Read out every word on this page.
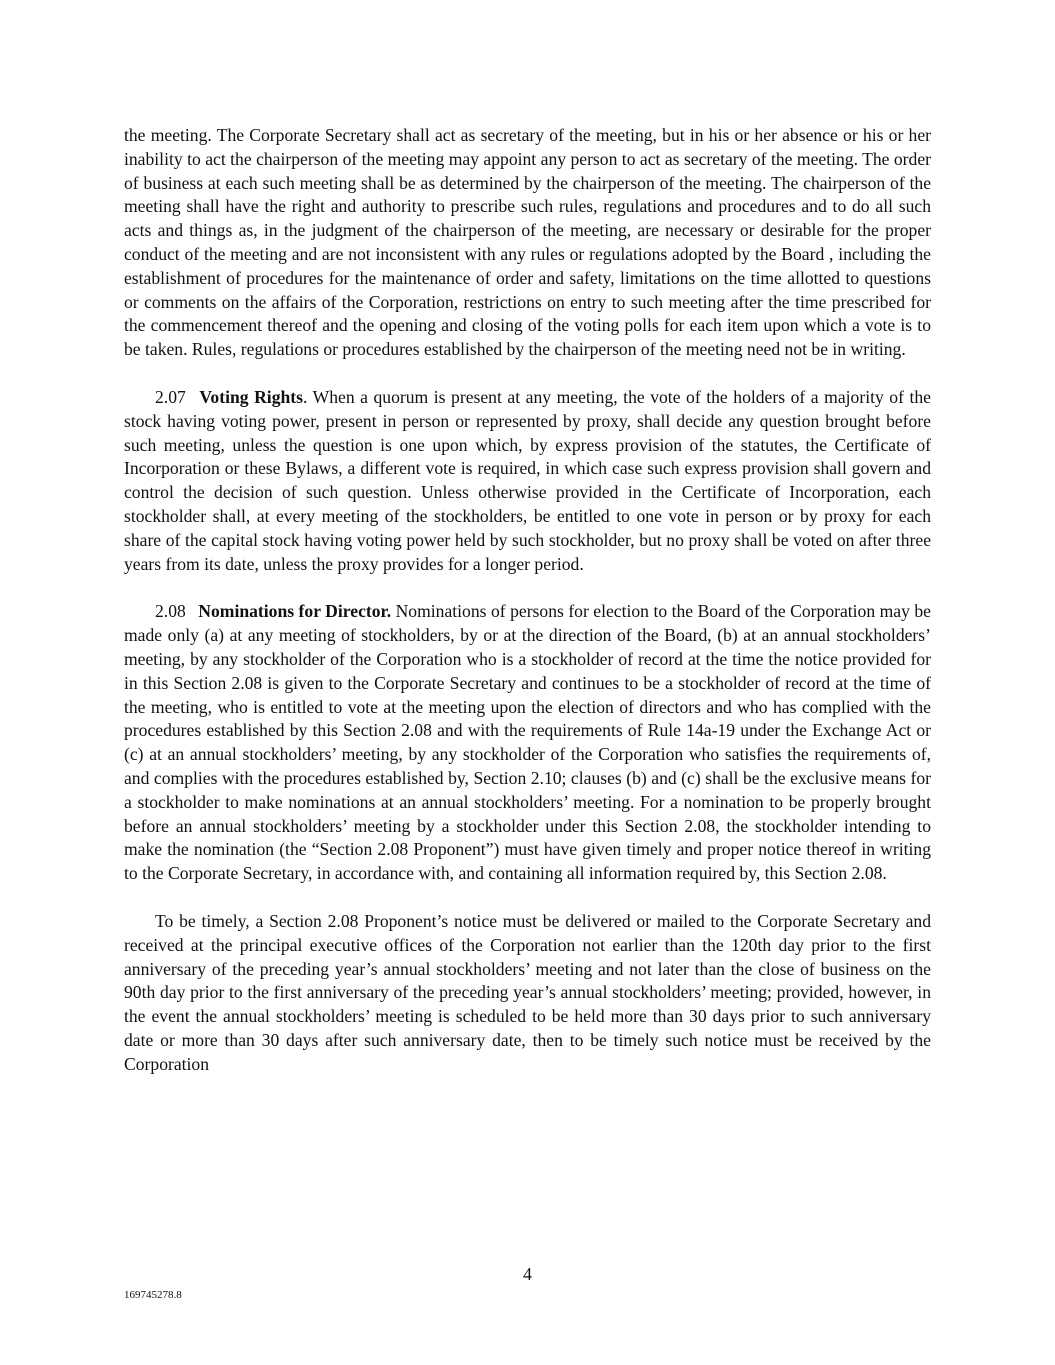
the meeting. The Corporate Secretary shall act as secretary of the meeting, but in his or her absence or his or her inability to act the chairperson of the meeting may appoint any person to act as secretary of the meeting. The order of business at each such meeting shall be as determined by the chairperson of the meeting. The chairperson of the meeting shall have the right and authority to prescribe such rules, regulations and procedures and to do all such acts and things as, in the judgment of the chairperson of the meeting, are necessary or desirable for the proper conduct of the meeting and are not inconsistent with any rules or regulations adopted by the Board , including the establishment of procedures for the maintenance of order and safety, limitations on the time allotted to questions or comments on the affairs of the Corporation, restrictions on entry to such meeting after the time prescribed for the commencement thereof and the opening and closing of the voting polls for each item upon which a vote is to be taken. Rules, regulations or procedures established by the chairperson of the meeting need not be in writing.

2.07 Voting Rights. When a quorum is present at any meeting, the vote of the holders of a majority of the stock having voting power, present in person or represented by proxy, shall decide any question brought before such meeting, unless the question is one upon which, by express provision of the statutes, the Certificate of Incorporation or these Bylaws, a different vote is required, in which case such express provision shall govern and control the decision of such question. Unless otherwise provided in the Certificate of Incorporation, each stockholder shall, at every meeting of the stockholders, be entitled to one vote in person or by proxy for each share of the capital stock having voting power held by such stockholder, but no proxy shall be voted on after three years from its date, unless the proxy provides for a longer period.

2.08 Nominations for Director. Nominations of persons for election to the Board of the Corporation may be made only (a) at any meeting of stockholders, by or at the direction of the Board, (b) at an annual stockholders’ meeting, by any stockholder of the Corporation who is a stockholder of record at the time the notice provided for in this Section 2.08 is given to the Corporate Secretary and continues to be a stockholder of record at the time of the meeting, who is entitled to vote at the meeting upon the election of directors and who has complied with the procedures established by this Section 2.08 and with the requirements of Rule 14a-19 under the Exchange Act or (c) at an annual stockholders’ meeting, by any stockholder of the Corporation who satisfies the requirements of, and complies with the procedures established by, Section 2.10; clauses (b) and (c) shall be the exclusive means for a stockholder to make nominations at an annual stockholders’ meeting. For a nomination to be properly brought before an annual stockholders’ meeting by a stockholder under this Section 2.08, the stockholder intending to make the nomination (the “Section 2.08 Proponent”) must have given timely and proper notice thereof in writing to the Corporate Secretary, in accordance with, and containing all information required by, this Section 2.08.

To be timely, a Section 2.08 Proponent’s notice must be delivered or mailed to the Corporate Secretary and received at the principal executive offices of the Corporation not earlier than the 120th day prior to the first anniversary of the preceding year’s annual stockholders’ meeting and not later than the close of business on the 90th day prior to the first anniversary of the preceding year’s annual stockholders’ meeting; provided, however, in the event the annual stockholders’ meeting is scheduled to be held more than 30 days prior to such anniversary date or more than 30 days after such anniversary date, then to be timely such notice must be received by the Corporation

4
169745278.8
